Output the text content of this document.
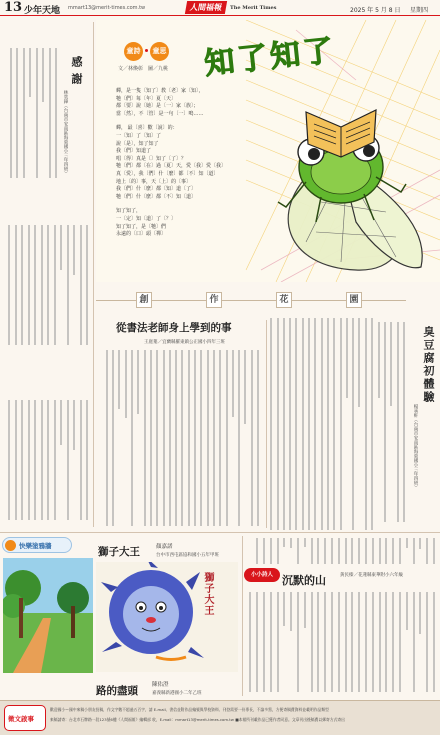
13 少年天地 mmart13@merit-times.com.tw	人間福報	The Merit Times	2025 年 5 月 8 日 星期四
感謝
林奕鋒（台南市安南區海東國小三年四班）
童詩	童思
文／林煥彰　圖／九桃 知了知了
蟬，是一隻〔知了〕教〔老〕家〔知〕，
牠〔們〕每〔年〕夏〔天〕
都〔要〕說〔她〕是〔一〕家〔族〕；
當〔然〕，不〔管〕是一句〔一〕鳴……
蟬， 最〔喜〕歡〔說〕的：
一〔知〕了〔知〕了
說〔是〕，知了知了
我〔們〕知道了
唱〔得〕真是〔〕知了〔了〕？
牠〔們〕都〔在〕過〔夏〕天，愛〔我〕愛〔我〕
真〔愛〕，我〔們〕什〔麼〕都〔不〕知〔道〕
地上〔的〕事，天〔上〕的〔事〕
我〔們〕什〔麼〕都〔知〕道〔了〕
牠〔們〕什〔麼〕都〔不〕知〔道〕
知了知了，
一〔定〕知〔道〕了〔？〕
知了知了，是〔牠〕們
永遠的〔口〕頭〔禪〕
創	作	花	園
從書法老師身上學到的事
王庭蓁／宜蘭縣羅東鎮公正國小四年三班	臭豆腐初體驗
楊承軒（台南市安南區海東國小三年四班）
快樂塗鴉牆	獅子大王	顏嘉諾
台中市西屯區協和國小五年甲班
獅子大王
路的盡頭	陳佑澄
嘉義縣新港國小二年乙班
小小詩人 沉默的山	黃民榛／花蓮縣東華附小六年級
徵文啟事
歡迎國小～國中來稿小朋友投稿，作文字數不超過五百字，請 E-mail、書信並附作品編號與學校資料、刊登需要一份專長，不論多寫，方便寄稿費資料並載明作品類型
來稿請寄：台北市石牌路一段123號6樓《人間福報》編輯部 收，E-mail：mmart13@merit-times.com.tw ■本報所刊載作品已獲作者同意。文章刊出後稿費以郵寄方式寄出
